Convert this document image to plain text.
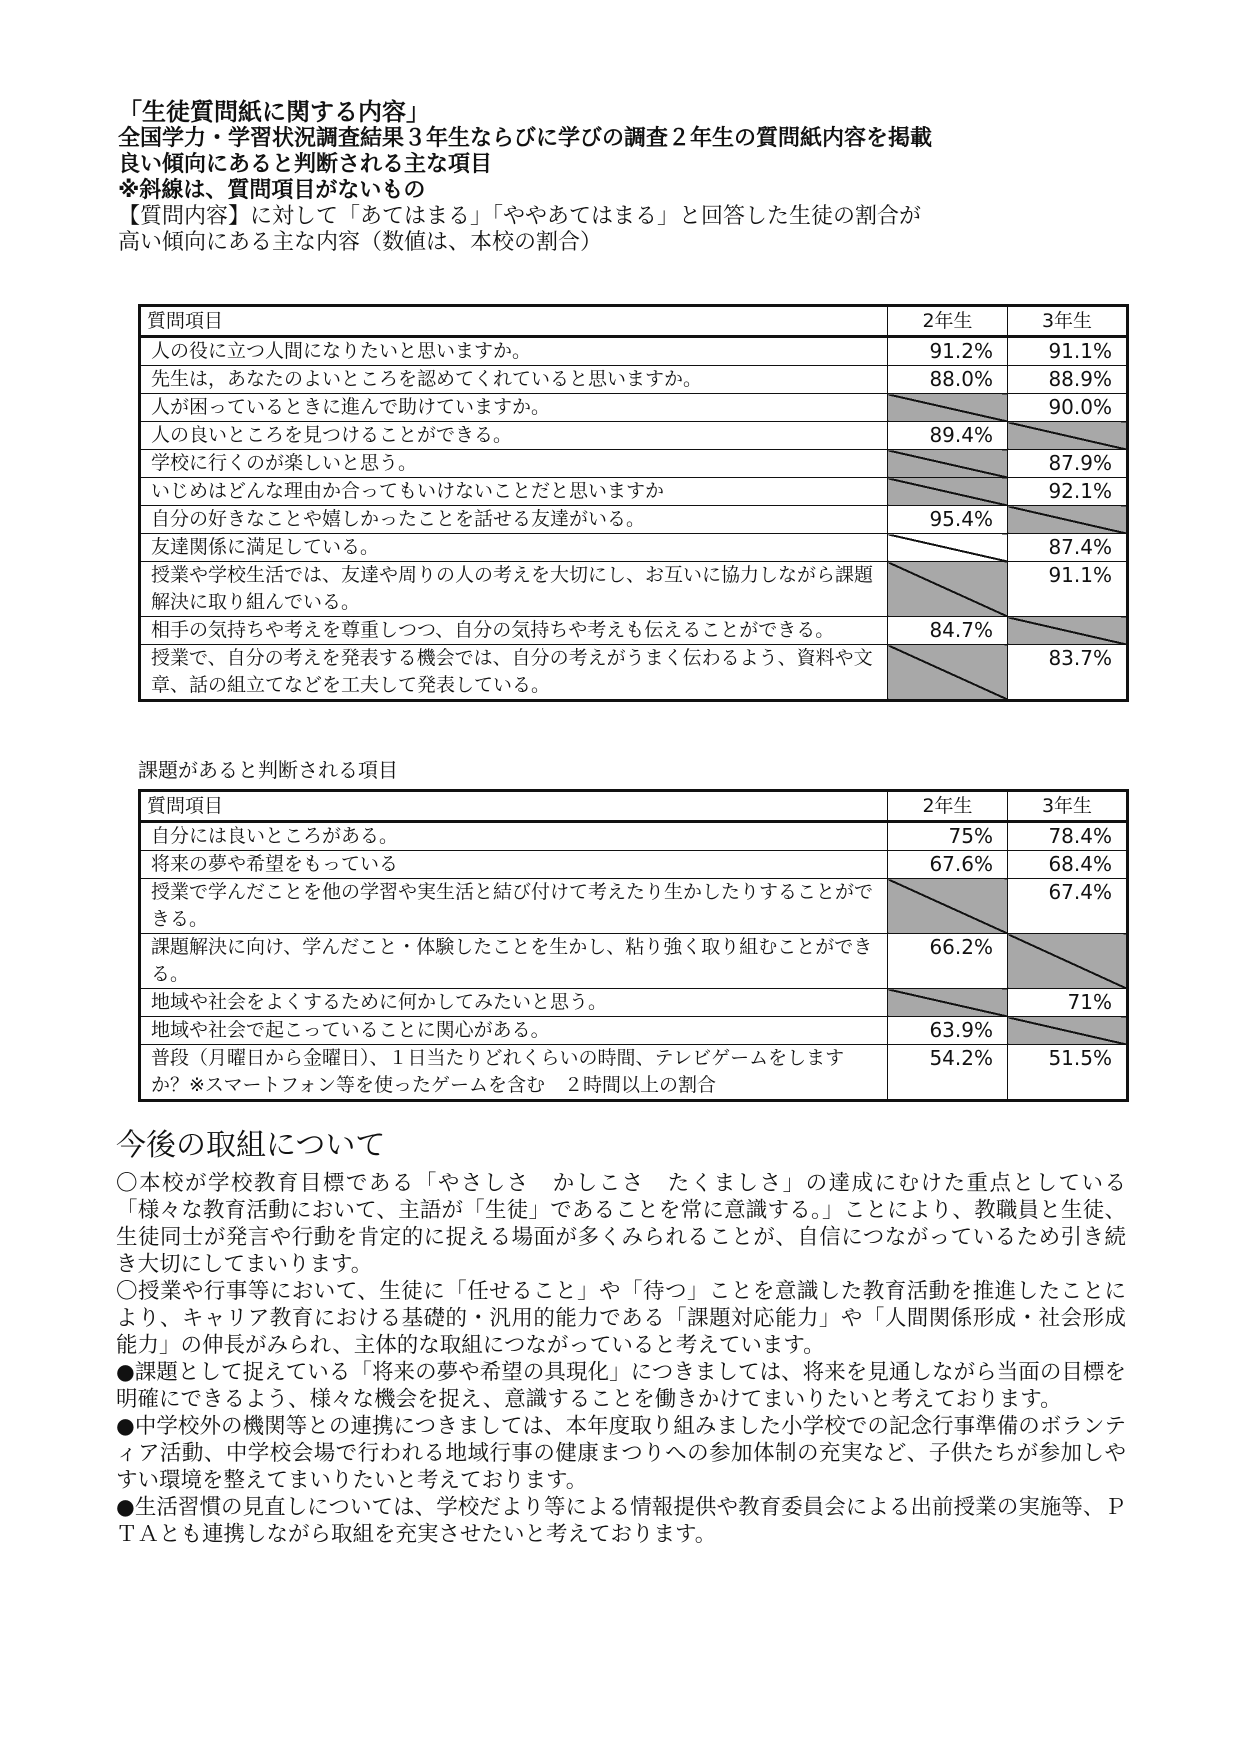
「生徒質問紙に関する内容」
全国学力・学習状況調査結果３年生ならびに学びの調査２年生の質問紙内容を掲載
良い傾向にあると判断される主な項目
※斜線は、質問項目がないもの
【質問内容】に対して「あてはまる」「ややあてはまる」と回答した生徒の割合が
高い傾向にある主な内容（数値は、本校の割合）
質問項目	2年生	3年生
人の役に立つ人間になりたいと思いますか。	91.2%	91.1%
先生は，あなたのよいところを認めてくれていると思いますか。	88.0%	88.9%
人が困っているときに進んで助けていますか。		90.0%
人の良いところを見つけることができる。	89.4%	
学校に行くのが楽しいと思う。		87.9%
いじめはどんな理由か合ってもいけないことだと思いますか		92.1%
自分の好きなことや嬉しかったことを話せる友達がいる。	95.4%	
友達関係に満足している。		87.4%
授業や学校生活では、友達や周りの人の考えを大切にし、お互いに協力しながら課題解決に取り組んでいる。		91.1%
相手の気持ちや考えを尊重しつつ、自分の気持ちや考えも伝えることができる。	84.7%	
授業で、自分の考えを発表する機会では、自分の考えがうまく伝わるよう、資料や文章、話の組立てなどを工夫して発表している。		83.7%
課題があると判断される項目
質問項目	2年生	3年生
自分には良いところがある。	75%	78.4%
将来の夢や希望をもっている	67.6%	68.4%
授業で学んだことを他の学習や実生活と結び付けて考えたり生かしたりすることができる。		67.4%
課題解決に向け、学んだこと・体験したことを生かし、粘り強く取り組むことができる。	66.2%	
地域や社会をよくするために何かしてみたいと思う。		71%
地域や社会で起こっていることに関心がある。	63.9%	
普段（月曜日から金曜日）、１日当たりどれくらいの時間、テレビゲームをしますか？※スマートフォン等を使ったゲームを含む　２時間以上の割合	54.2%	51.5%
今後の取組について

〇本校が学校教育目標である「やさしさ　かしこさ　たくましさ」の達成にむけた重点としている「様々な教育活動において、主語が「生徒」であることを常に意識する。」ことにより、教職員と生徒、生徒同士が発言や行動を肯定的に捉える場面が多くみられることが、自信につながっているため引き続き大切にしてまいります。

〇授業や行事等において、生徒に「任せること」や「待つ」ことを意識した教育活動を推進したことにより、キャリア教育における基礎的・汎用的能力である「課題対応能力」や「人間関係形成・社会形成能力」の伸長がみられ、主体的な取組につながっていると考えています。

●課題として捉えている「将来の夢や希望の具現化」につきましては、将来を見通しながら当面の目標を明確にできるよう、様々な機会を捉え、意識することを働きかけてまいりたいと考えております。

●中学校外の機関等との連携につきましては、本年度取り組みました小学校での記念行事準備のボランティア活動、中学校会場で行われる地域行事の健康まつりへの参加体制の充実など、子供たちが参加しやすい環境を整えてまいりたいと考えております。

●生活習慣の見直しについては、学校だより等による情報提供や教育委員会による出前授業の実施等、ＰＴＡとも連携しながら取組を充実させたいと考えております。
